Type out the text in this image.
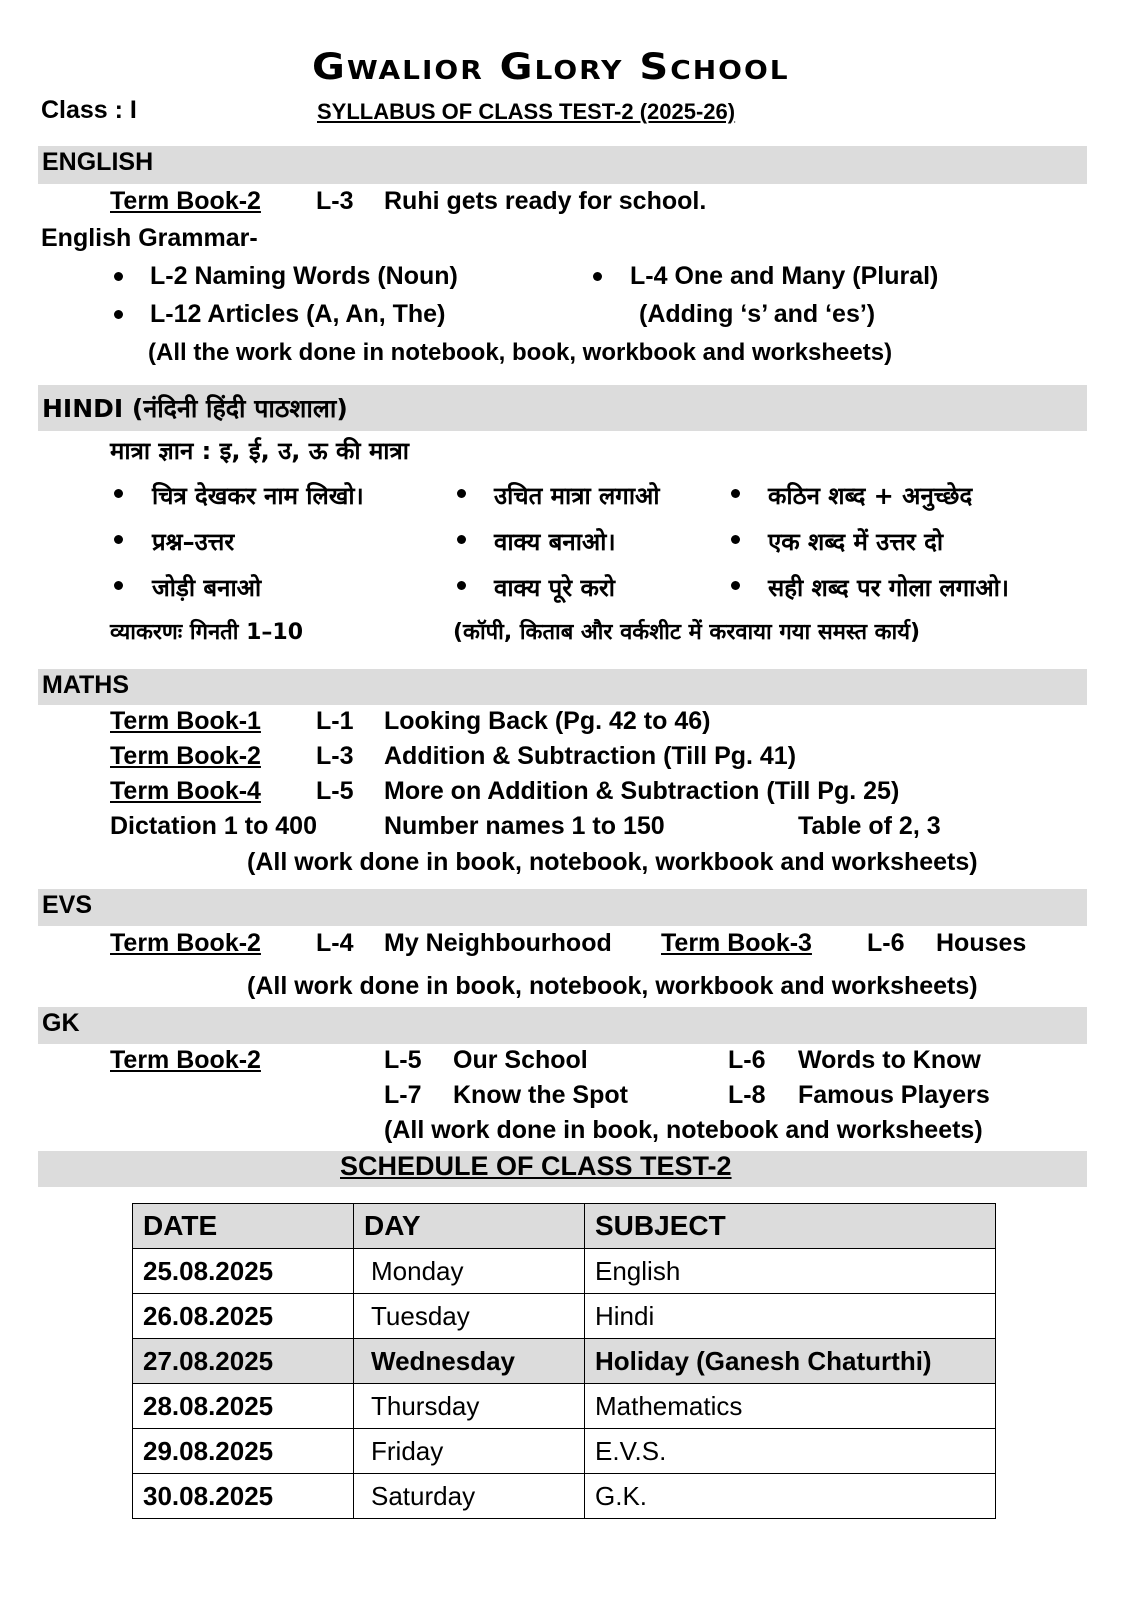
Gwalior Glory School
Class : I	SYLLABUS OF CLASS TEST-2 (2025-26)
ENGLISH
Term Book-2 L-3 Ruhi gets ready for school.
English Grammar-
L-2 Naming Words (Noun)
L-12 Articles (A, An, The)
L-4 One and Many (Plural)
(Adding ‘s’ and ‘es’)
(All the work done in notebook, book, workbook and worksheets)
HINDI (नंदिनी हिंदी पाठशाला)
मात्रा ज्ञान : इ, ई, उ, ऊ की मात्रा
चित्र देखकर नाम लिखो।	उचित मात्रा लगाओ	कठिन शब्द + अनुच्छेद
प्रश्न–उत्तर	वाक्य बनाओ।	एक शब्द में उत्तर दो
जोड़ी बनाओ	वाक्य पूरे करो	सही शब्द पर गोला लगाओ।
व्याकरणः गिनती 1–10	(कॉपी, किताब और वर्कशीट में करवाया गया समस्त कार्य)
MATHS
Term Book-1 L-1 Looking Back (Pg. 42 to 46)
Term Book-2 L-3 Addition & Subtraction (Till Pg. 41)
Term Book-4 L-5 More on Addition & Subtraction (Till Pg. 25)
Dictation 1 to 400	Number names 1 to 150	Table of 2, 3
(All work done in book, notebook, workbook and worksheets)
EVS
Term Book-2 L-4 My Neighbourhood Term Book-3 L-6 Houses
(All work done in book, notebook, workbook and worksheets)
GK
Term Book-2	L-5 Our School	L-6 Words to Know
L-7 Know the Spot	L-8 Famous Players
(All work done in book, notebook and worksheets)
SCHEDULE OF CLASS TEST-2
DATE	DAY	SUBJECT
25.08.2025	Monday	English
26.08.2025	Tuesday	Hindi
27.08.2025	Wednesday	Holiday (Ganesh Chaturthi)
28.08.2025	Thursday	Mathematics
29.08.2025	Friday	E.V.S.
30.08.2025	Saturday	G.K.
